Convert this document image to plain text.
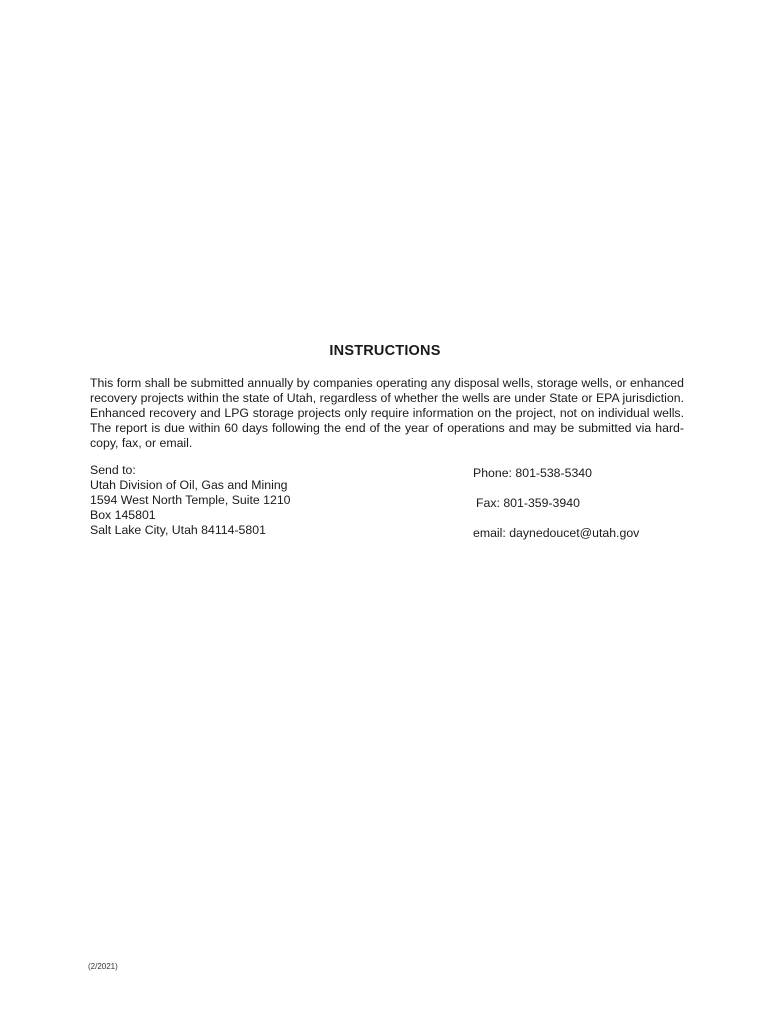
INSTRUCTIONS
This form shall be submitted annually by companies operating any disposal wells, storage wells, or enhanced recovery projects within the state of Utah, regardless of whether the wells are under State or EPA jurisdiction. Enhanced recovery and LPG storage projects only require information on the project, not on individual wells. The report is due within 60 days following the end of the year of operations and may be submitted via hard-copy, fax, or email.
Send to:
Utah Division of Oil, Gas and Mining
1594 West North Temple, Suite 1210
Box 145801
Salt Lake City, Utah 84114-5801
Phone: 801-538-5340
Fax: 801-359-3940
email: daynedoucet@utah.gov
(2/2021)
